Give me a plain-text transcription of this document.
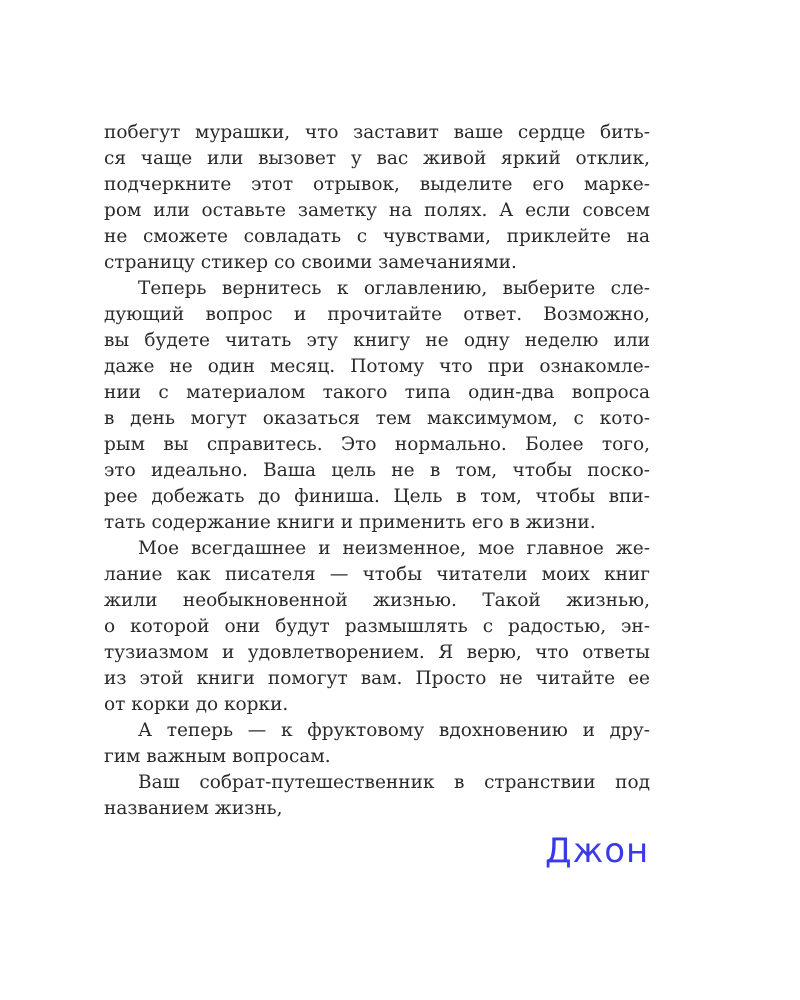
побегут мурашки, что заставит ваше сердце бить-
ся чаще или вызовет у вас живой яркий отклик,
подчеркните этот отрывок, выделите его марке-
ром или оставьте заметку на полях. А если совсем
не сможете совладать с чувствами, приклейте на
страницу стикер со своими замечаниями.
Теперь вернитесь к оглавлению, выберите сле-
дующий вопрос и прочитайте ответ. Возможно,
вы будете читать эту книгу не одну неделю или
даже не один месяц. Потому что при ознакомле-
нии с материалом такого типа один-два вопроса
в день могут оказаться тем максимумом, с кото-
рым вы справитесь. Это нормально. Более того,
это идеально. Ваша цель не в том, чтобы поско-
рее добежать до финиша. Цель в том, чтобы впи-
тать содержание книги и применить его в жизни.
Мое всегдашнее и неизменное, мое главное же-
лание как писателя — чтобы читатели моих книг
жили необыкновенной жизнью. Такой жизнью,
о которой они будут размышлять с радостью, эн-
тузиазмом и удовлетворением. Я верю, что ответы
из этой книги помогут вам. Просто не читайте ее
от корки до корки.
А теперь — к фруктовому вдохновению и дру-
гим важным вопросам.
Ваш собрат-путешественник в странствии под
названием жизнь,
Джон
